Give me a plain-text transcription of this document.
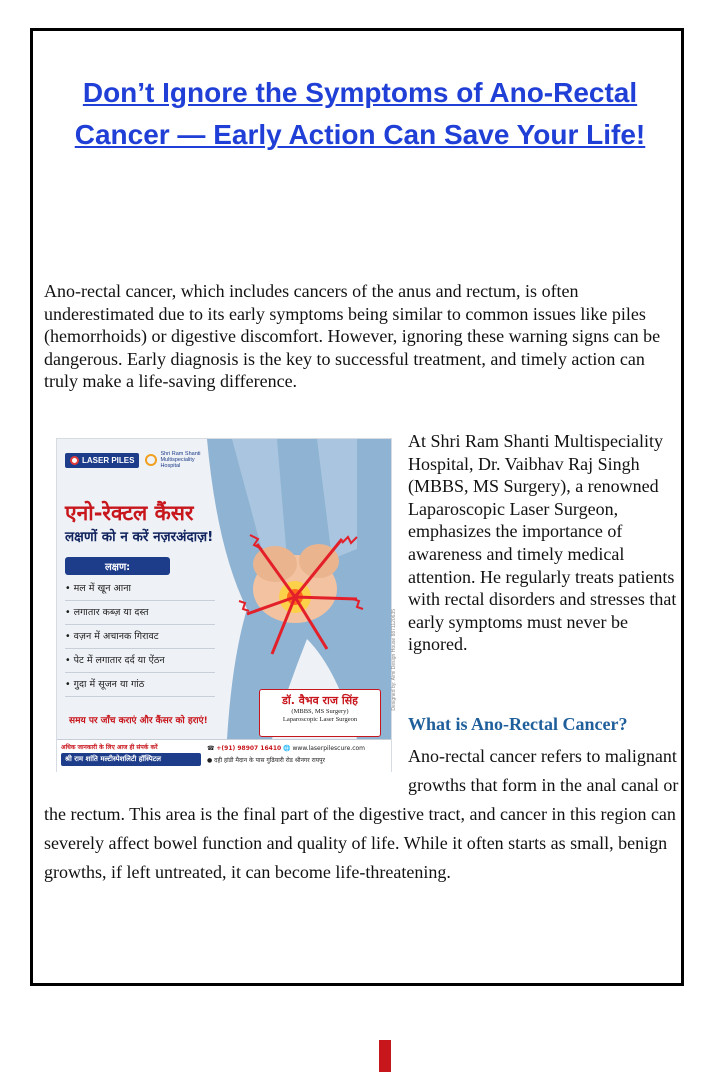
Don’t Ignore the Symptoms of Ano-Rectal Cancer — Early Action Can Save Your Life!

Ano-rectal cancer, which includes cancers of the anus and rectum, is often underestimated due to its early symptoms being similar to common issues like piles (hemorrhoids) or digestive discomfort. However, ignoring these warning signs can be dangerous. Early diagnosis is the key to successful treatment, and timely action can truly make a life-saving difference.

LASER PILES
Shri Ram Shanti Multispeciality Hospital
एनो-रेक्टल कैंसर
लक्षणों को न करें नज़रअंदाज़!
लक्षण:
• मल में खून आना
• लगातार कब्ज़ या दस्त
• वज़न में अचानक गिरावट
• पेट में लगातार दर्द या ऐंठन
• गुदा में सूजन या गांठ
समय पर जाँच कराएं और कैंसर को हराएं!
डॉ. वैभव राज सिंह
(MBBS, MS Surgery)
Laparoscopic Laser Surgeon
Designed by: Aimi Design House 8871120635
अधिक जानकारी के लिए आज ही संपर्क करें
श्री राम शांति मल्टीस्पेशलिटी हॉस्पिटल
☎ +(91) 98907 16410 🌐 www.laserpilescure.com
● दही हांडी मैदान के पास गुढियारी रोड श्रीनगर रायपुर

At Shri Ram Shanti Multispeciality Hospital, Dr. Vaibhav Raj Singh (MBBS, MS Surgery), a renowned Laparoscopic Laser Surgeon, emphasizes the importance of awareness and timely medical attention. He regularly treats patients with rectal disorders and stresses that early symptoms must never be ignored.

What is Ano-Rectal Cancer?

Ano-rectal cancer refers to malignant growths that form in the anal canal or the rectum. This area is the final part of the digestive tract, and cancer in this region can severely affect bowel function and quality of life. While it often starts as small, benign growths, if left untreated, it can become life-threatening.
